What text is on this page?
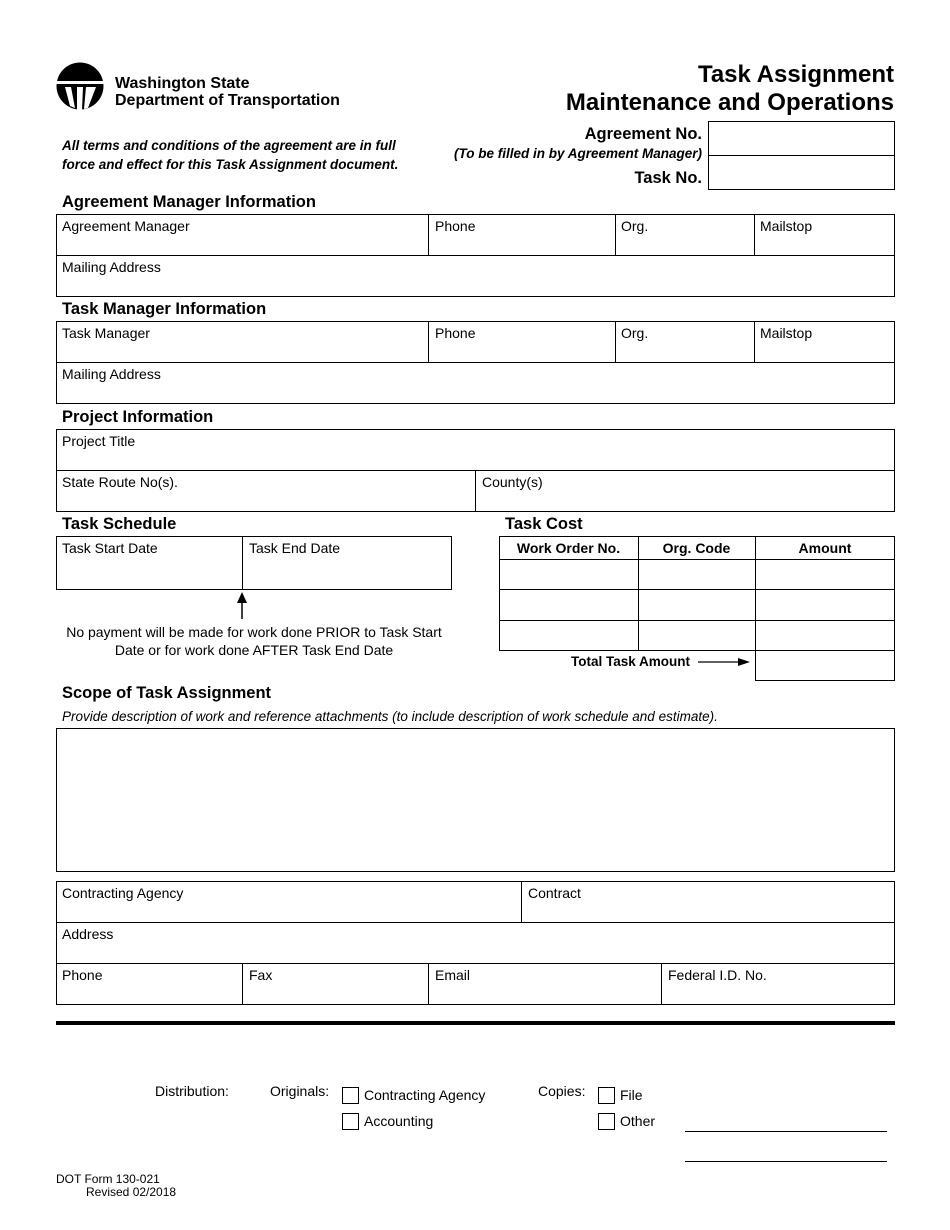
Washington State
Department of Transportation
Task Assignment
Maintenance and Operations
All terms and conditions of the agreement are in full
force and effect for this Task Assignment document.
Agreement No.
(To be filled in by Agreement Manager)
Task No.
Agreement Manager Information
Agreement Manager	Phone	Org.	Mailstop
Mailing Address
Task Manager Information
Task Manager	Phone	Org.	Mailstop
Mailing Address
Project Information
Project Title
State Route No(s).	County(s)
Task Schedule
Task Start Date	Task End Date
No payment will be made for work done PRIOR to Task Start
Date or for work done AFTER Task End Date
Task Cost
Work Order No.	Org. Code	Amount
Total Task Amount
Scope of Task Assignment
Provide description of work and reference attachments (to include description of work schedule and estimate).
Contracting Agency	Contract
Address
Phone	Fax	Email	Federal I.D. No.
Distribution:	Originals: Contracting Agency
Accounting
Copies: File
Other
DOT Form 130-021
Revised 02/2018
